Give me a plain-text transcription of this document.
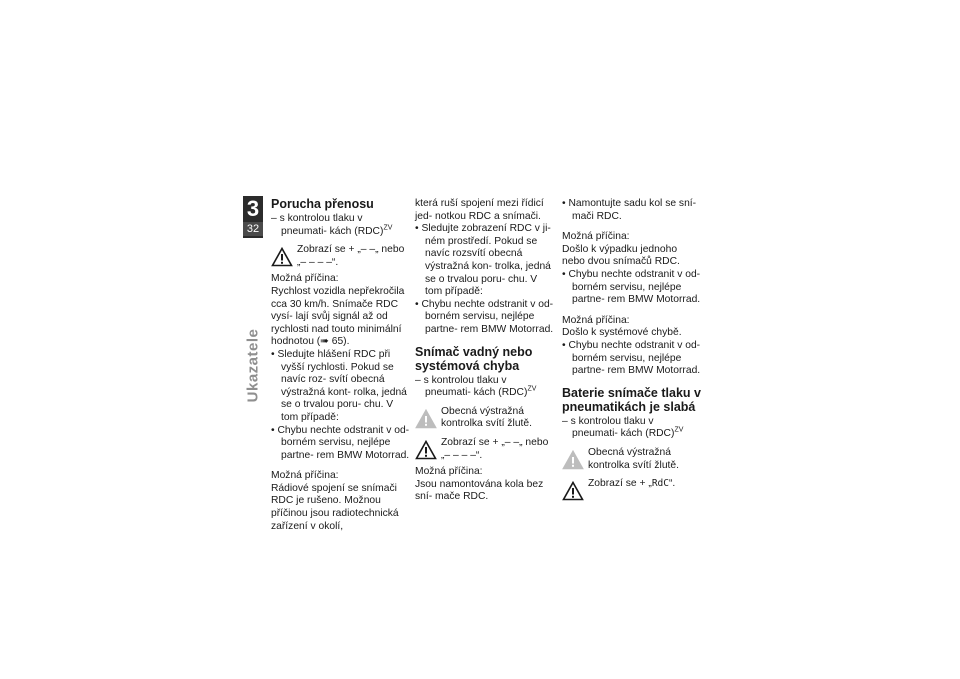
3
32
Ukazatele
Porucha přenosu

– s kontrolou tlaku v pneumati- kách (RDC)$^{ZV}$

Zobrazí se + „– –„ nebo „– – – –“.

Možná příčina:

Rychlost vozidla nepřekročila cca 30 km/h. Snímače RDC vysí- lají svůj signál až od rychlosti nad touto minimální hodnotou (➠ 65).

• Sledujte hlášení RDC při vyšší rychlosti. Pokud se navíc roz- svítí obecná výstražná kont- rolka, jedná se o trvalou poru- chu. V tom případě:

• Chybu nechte odstranit v od- borném servisu, nejlépe partne- rem BMW Motorrad.

Možná příčina:

Rádiové spojení se snímači RDC je rušeno. Možnou příčinou jsou radiotechnická zařízení v okolí,

která ruší spojení mezi řídicí jed- notkou RDC a snímači.

• Sledujte zobrazení RDC v ji- ném prostředí. Pokud se navíc rozsvítí obecná výstražná kon- trolka, jedná se o trvalou poru- chu. V tom případě:

• Chybu nechte odstranit v od- borném servisu, nejlépe partne- rem BMW Motorrad.

Snímač vadný nebo systémová chyba

– s kontrolou tlaku v pneumati- kách (RDC)$^{ZV}$

Obecná výstražná kontrolka svítí žlutě.
Zobrazí se + „– –„ nebo „– – – –“.

Možná příčina:

Jsou namontována kola bez sní- mače RDC.

• Namontujte sadu kol se sní- mači RDC.

Možná příčina:

Došlo k výpadku jednoho nebo dvou snímačů RDC.

• Chybu nechte odstranit v od- borném servisu, nejlépe partne- rem BMW Motorrad.

Možná příčina:

Došlo k systémové chybě.

• Chybu nechte odstranit v od- borném servisu, nejlépe partne- rem BMW Motorrad.

Baterie snímače tlaku v pneumatikách je slabá

– s kontrolou tlaku v pneumati- kách (RDC)$^{ZV}$

Obecná výstražná kontrolka svítí žlutě.
Zobrazí se + „RdC“.
